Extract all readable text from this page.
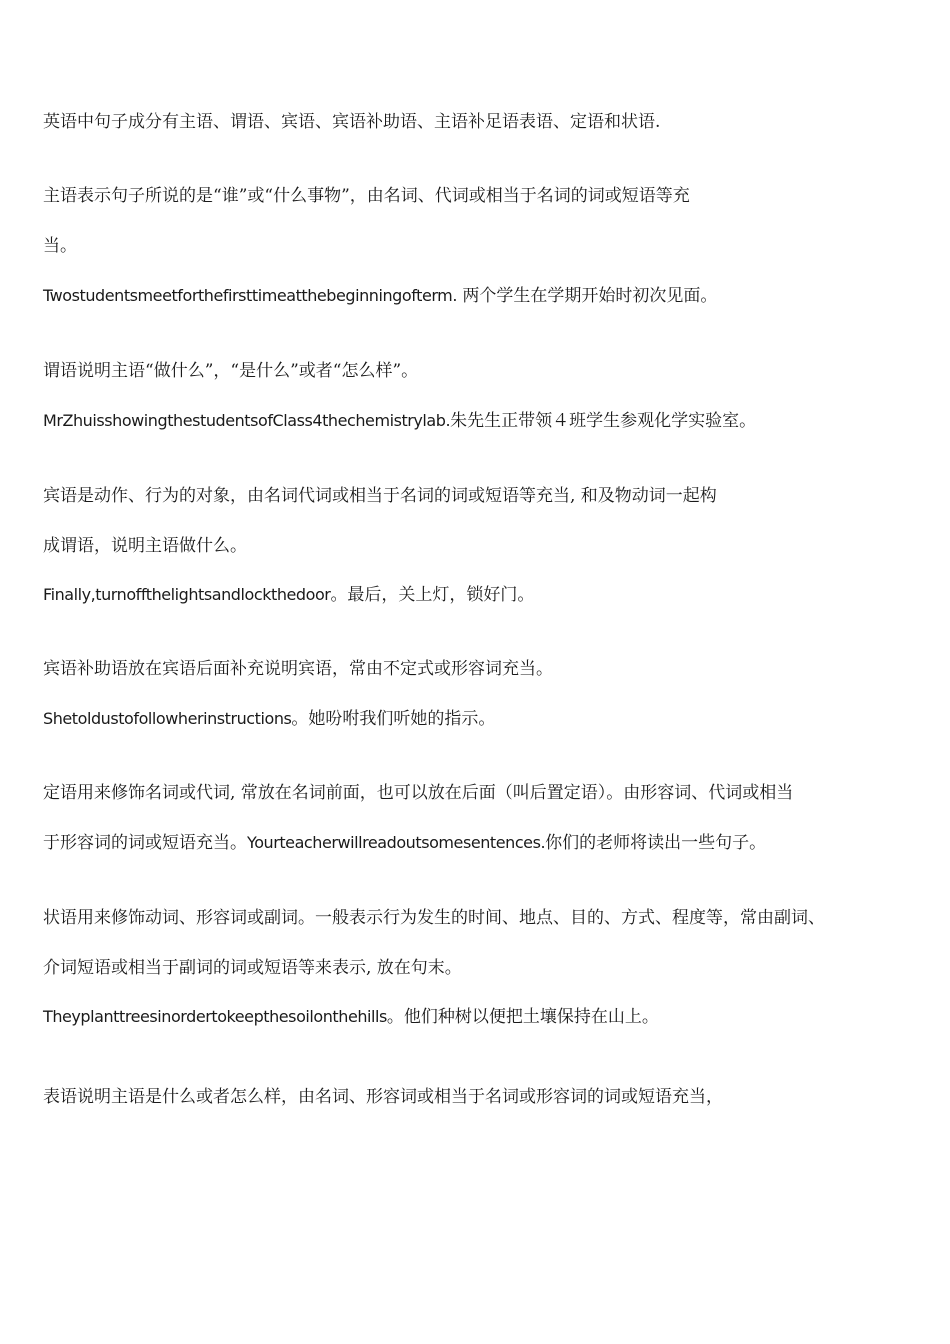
英语中句子成分有主语、谓语、宾语、宾语补助语、主语补足语表语、定语和状语.
主语表示句子所说的是“谁”或“什么事物”，由名词、代词或相当于名词的词或短语等充
当。
Twostudentsmeetforthefirsttimeatthebeginningofterm. 两个学生在学期开始时初次见面。
谓语说明主语“做什么”，“是什么”或者“怎么样”。
MrZhuisshowingthestudentsofClass4thechemistrylab.朱先生正带领４班学生参观化学实验室。
宾语是动作、行为的对象，由名词代词或相当于名词的词或短语等充当, 和及物动词一起构
成谓语，说明主语做什么。
Finally,turnoffthelightsandlockthedoor。最后，关上灯，锁好门。
宾语补助语放在宾语后面补充说明宾语，常由不定式或形容词充当。
Shetoldustofollowherinstructions。她吩咐我们听她的指示。
定语用来修饰名词或代词, 常放在名词前面，也可以放在后面（叫后置定语）。由形容词、代词或相当
于形容词的词或短语充当。Yourteacherwillreadoutsomesentences.你们的老师将读出一些句子。
状语用来修饰动词、形容词或副词。一般表示行为发生的时间、地点、目的、方式、程度等，常由副词、
介词短语或相当于副词的词或短语等来表示, 放在句末。
Theyplanttreesinordertokeepthesoilonthehills。他们种树以便把土壤保持在山上。
表语说明主语是什么或者怎么样，由名词、形容词或相当于名词或形容词的词或短语充当，
